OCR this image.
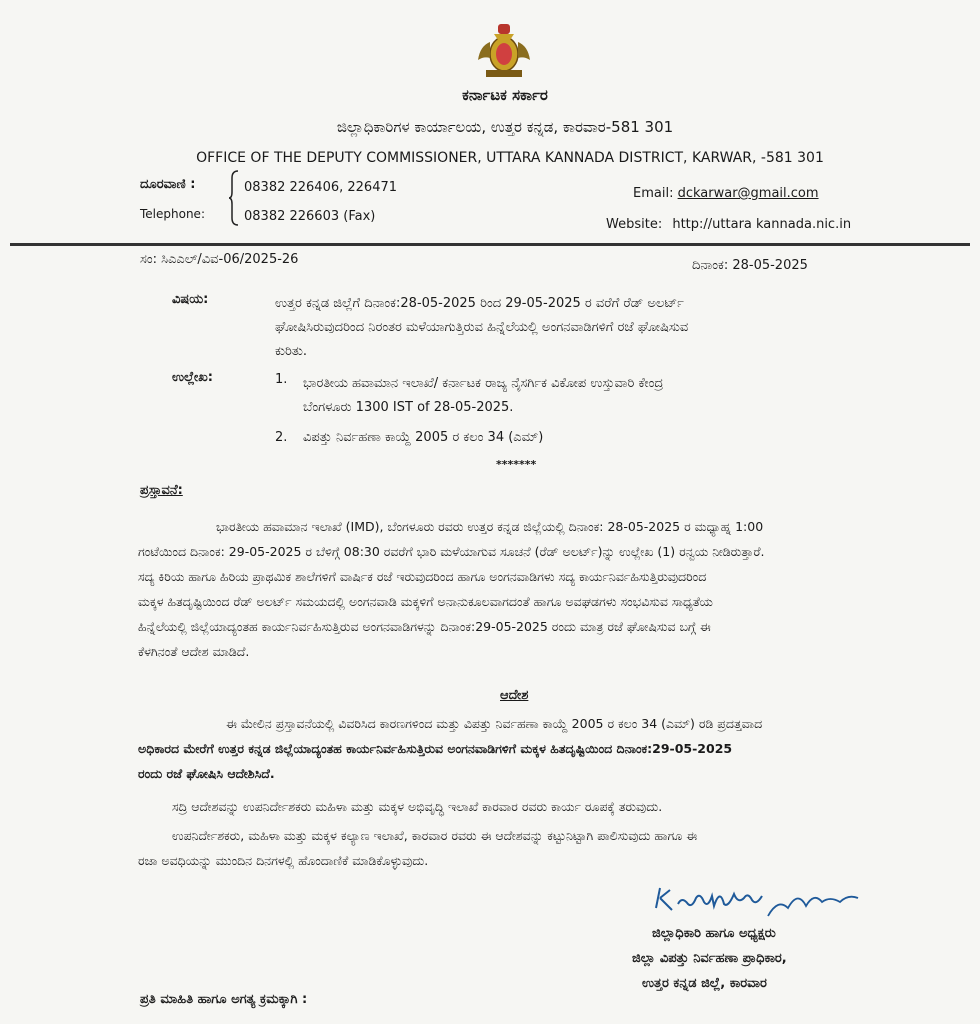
ಕರ್ನಾಟಕ ಸರ್ಕಾರ
ಜಿಲ್ಲಾಧಿಕಾರಿಗಳ ಕಾರ್ಯಾಲಯ, ಉತ್ತರ ಕನ್ನಡ, ಕಾರವಾರ-581 301
OFFICE OF THE DEPUTY COMMISSIONER, UTTARA KANNADA DISTRICT, KARWAR, -581 301
ದೂರವಾಣಿ :
Telephone:
08382 226406, 226471
08382 226603 (Fax)
Email: dckarwar@gmail.com
Website: http://uttara kannada.nic.in
ಸಂ: ಸಿಎಎಲ್/ವಿವ-06/2025-26	ದಿನಾಂಕ: 28-05-2025
ವಿಷಯ:	ಉತ್ತರ ಕನ್ನಡ ಜಿಲ್ಲೆಗೆ ದಿನಾಂಕ:28-05-2025 ರಿಂದ 29-05-2025 ರ ವರೆಗೆ ರೆಡ್ ಅಲರ್ಟ್
ಘೋಷಿಸಿರುವುದರಿಂದ ನಿರಂತರ ಮಳೆಯಾಗುತ್ತಿರುವ ಹಿನ್ನೆಲೆಯಲ್ಲಿ ಅಂಗನವಾಡಿಗಳಿಗೆ ರಜೆ ಘೋಷಿಸುವ
ಕುರಿತು.
ಉಲ್ಲೇಖ:	1. ಭಾರತೀಯ ಹವಾಮಾನ ಇಲಾಖೆ/ ಕರ್ನಾಟಕ ರಾಜ್ಯ ನೈಸರ್ಗಿಕ ವಿಕೋಪ ಉಸ್ತುವಾರಿ ಕೇಂದ್ರ
ಬೆಂಗಳೂರು 1300 IST of 28-05-2025.
2. ವಿಪತ್ತು ನಿರ್ವಹಣಾ ಕಾಯ್ದೆ 2005 ರ ಕಲಂ 34 (ಎಮ್)
*******
ಪ್ರಸ್ತಾವನೆ:
ಭಾರತೀಯ ಹವಾಮಾನ ಇಲಾಖೆ (IMD), ಬೆಂಗಳೂರು ರವರು ಉತ್ತರ ಕನ್ನಡ ಜಿಲ್ಲೆಯಲ್ಲಿ ದಿನಾಂಕ: 28-05-2025 ರ ಮಧ್ಯಾಹ್ನ 1:00
ಗಂಟೆಯಿಂದ ದಿನಾಂಕ: 29-05-2025 ರ ಬೆಳಿಗ್ಗೆ 08:30 ರವರೆಗೆ ಭಾರಿ ಮಳೆಯಾಗುವ ಸೂಚನೆ (ರೆಡ್ ಅಲರ್ಟ್)ನ್ನು ಉಲ್ಲೇಖ (1) ರನ್ವಯ ನೀಡಿರುತ್ತಾರೆ.
ಸದ್ಯ ಕಿರಿಯ ಹಾಗೂ ಹಿರಿಯ ಪ್ರಾಥಮಿಕ ಶಾಲೆಗಳಿಗೆ ವಾರ್ಷಿಕ ರಜೆ ಇರುವುದರಿಂದ ಹಾಗೂ ಅಂಗನವಾಡಿಗಳು ಸದ್ಯ ಕಾರ್ಯನಿರ್ವಹಿಸುತ್ತಿರುವುದರಿಂದ
ಮಕ್ಕಳ ಹಿತದೃಷ್ಟಿಯಿಂದ ರೆಡ್ ಅಲರ್ಟ್ ಸಮಯದಲ್ಲಿ ಅಂಗನವಾಡಿ ಮಕ್ಕಳಿಗೆ ಅನಾನುಕೂಲವಾಗದಂತೆ ಹಾಗೂ ಅವಘಡಗಳು ಸಂಭವಿಸುವ ಸಾಧ್ಯತೆಯ
ಹಿನ್ನೆಲೆಯಲ್ಲಿ ಜಿಲ್ಲೆಯಾದ್ಯಂತಹ ಕಾರ್ಯನಿರ್ವಹಿಸುತ್ತಿರುವ ಅಂಗನವಾಡಿಗಳನ್ನು ದಿನಾಂಕ:29-05-2025 ರಂದು ಮಾತ್ರ ರಜೆ ಘೋಷಿಸುವ ಬಗ್ಗೆ ಈ
ಕೆಳಗಿನಂತೆ ಆದೇಶ ಮಾಡಿದೆ.
ಆದೇಶ
ಈ ಮೇಲಿನ ಪ್ರಸ್ತಾವನೆಯಲ್ಲಿ ವಿವರಿಸಿದ ಕಾರಣಗಳಿಂದ ಮತ್ತು ವಿಪತ್ತು ನಿರ್ವಹಣಾ ಕಾಯ್ದೆ 2005 ರ ಕಲಂ 34 (ಎಮ್) ರಡಿ ಪ್ರದತ್ತವಾದ
ಅಧಿಕಾರದ ಮೇರೆಗೆ ಉತ್ತರ ಕನ್ನಡ ಜಿಲ್ಲೆಯಾದ್ಯಂತಹ ಕಾರ್ಯನಿರ್ವಹಿಸುತ್ತಿರುವ ಅಂಗನವಾಡಿಗಳಿಗೆ ಮಕ್ಕಳ ಹಿತದೃಷ್ಟಿಯಿಂದ ದಿನಾಂಕ:29-05-2025
ರಂದು ರಜೆ ಘೋಷಿಸಿ ಆದೇಶಿಸಿದೆ.
ಸದ್ರಿ ಆದೇಶವನ್ನು ಉಪನಿರ್ದೇಶಕರು ಮಹಿಳಾ ಮತ್ತು ಮಕ್ಕಳ ಅಭಿವೃದ್ಧಿ ಇಲಾಖೆ ಕಾರವಾರ ರವರು ಕಾರ್ಯ ರೂಪಕ್ಕೆ ತರುವುದು.
ಉಪನಿರ್ದೇಶಕರು, ಮಹಿಳಾ ಮತ್ತು ಮಕ್ಕಳ ಕಲ್ಯಾಣ ಇಲಾಖೆ, ಕಾರವಾರ ರವರು ಈ ಆದೇಶವನ್ನು ಕಟ್ಟುನಿಟ್ಟಾಗಿ ಪಾಲಿಸುವುದು ಹಾಗೂ ಈ
ರಜಾ ಅವಧಿಯನ್ನು ಮುಂದಿನ ದಿನಗಳಲ್ಲಿ ಹೊಂದಾಣಿಕೆ ಮಾಡಿಕೊಳ್ಳುವುದು.
ಜಿಲ್ಲಾಧಿಕಾರಿ ಹಾಗೂ ಅಧ್ಯಕ್ಷರು
ಜಿಲ್ಲಾ ವಿಪತ್ತು ನಿರ್ವಹಣಾ ಪ್ರಾಧಿಕಾರ,
ಉತ್ತರ ಕನ್ನಡ ಜಿಲ್ಲೆ, ಕಾರವಾರ
ಪ್ರತಿ ಮಾಹಿತಿ ಹಾಗೂ ಅಗತ್ಯ ಕ್ರಮಕ್ಕಾಗಿ :
